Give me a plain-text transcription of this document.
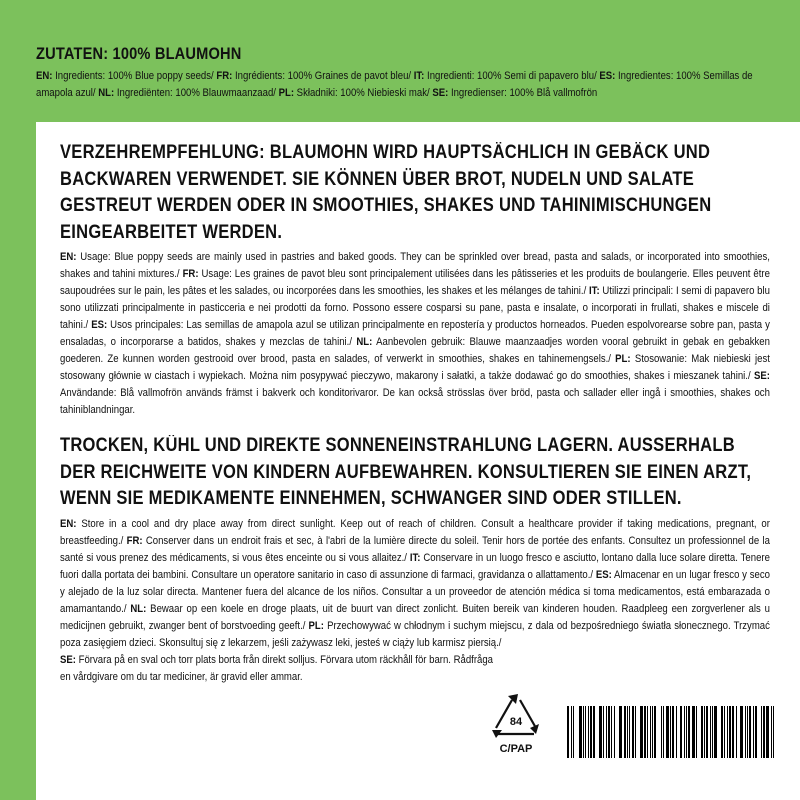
ZUTATEN: 100% BLAUMOHN
EN: Ingredients: 100% Blue poppy seeds/ FR: Ingrédients: 100% Graines de pavot bleu/ IT: Ingredienti: 100% Semi di papavero blu/ ES: Ingredientes: 100% Semillas de amapola azul/ NL: Ingrediënten: 100% Blauwmaanzaad/ PL: Składniki: 100% Niebieski mak/ SE: Ingredienser: 100% Blå vallmofrön
VERZEHREMPFEHLUNG: BLAUMOHN WIRD HAUPTSÄCHLICH IN GEBÄCK UND BACKWAREN VERWENDET. SIE KÖNNEN ÜBER BROT, NUDELN UND SALATE GESTREUT WERDEN ODER IN SMOOTHIES, SHAKES UND TAHINIMISCHUNGEN EINGEARBEITET WERDEN.
EN: Usage: Blue poppy seeds are mainly used in pastries and baked goods. They can be sprinkled over bread, pasta and salads, or incorporated into smoothies, shakes and tahini mixtures./ FR: Usage: Les graines de pavot bleu sont principalement utilisées dans les pâtisseries et les produits de boulangerie. Elles peuvent être saupoudrées sur le pain, les pâtes et les salades, ou incorporées dans les smoothies, les shakes et les mélanges de tahini./ IT: Utilizzi principali: I semi di papavero blu sono utilizzati principalmente in pasticceria e nei prodotti da forno. Possono essere cosparsi su pane, pasta e insalate, o incorporati in frullati, shakes e miscele di tahini./ ES: Usos principales: Las semillas de amapola azul se utilizan principalmente en repostería y productos horneados. Pueden espolvorearse sobre pan, pasta y ensaladas, o incorporarse a batidos, shakes y mezclas de tahini./ NL: Aanbevolen gebruik: Blauwe maanzaadjes worden vooral gebruikt in gebak en gebakken goederen. Ze kunnen worden gestrooid over brood, pasta en salades, of verwerkt in smoothies, shakes en tahinemengsels./ PL: Stosowanie: Mak niebieski jest stosowany głównie w ciastach i wypiekach. Można nim posypywać pieczywo, makarony i sałatki, a także dodawać go do smoothies, shakes i mieszanek tahini./ SE: Användande: Blå vallmofrön används främst i bakverk och konditorivaror. De kan också strösslas över bröd, pasta och sallader eller ingå i smoothies, shakes och tahiniblandningar.
TROCKEN, KÜHL UND DIREKTE SONNENEINSTRAHLUNG LAGERN. AUSSERHALB DER REICHWEITE VON KINDERN AUFBEWAHREN. KONSULTIEREN SIE EINEN ARZT, WENN SIE MEDIKAMENTE EINNEHMEN, SCHWANGER SIND ODER STILLEN.
EN: Store in a cool and dry place away from direct sunlight. Keep out of reach of children. Consult a healthcare provider if taking medications, pregnant, or breastfeeding./ FR: Conserver dans un endroit frais et sec, à l'abri de la lumière directe du soleil. Tenir hors de portée des enfants. Consultez un professionnel de la santé si vous prenez des médicaments, si vous êtes enceinte ou si vous allaitez./ IT: Conservare in un luogo fresco e asciutto, lontano dalla luce solare diretta. Tenere fuori dalla portata dei bambini. Consultare un operatore sanitario in caso di assunzione di farmaci, gravidanza o allattamento./ ES: Almacenar en un lugar fresco y seco y alejado de la luz solar directa. Mantener fuera del alcance de los niños. Consultar a un proveedor de atención médica si toma medicamentos, está embarazada o amamantando./ NL: Bewaar op een koele en droge plaats, uit de buurt van direct zonlicht. Buiten bereik van kinderen houden. Raadpleeg een zorgverlener als u medicijnen gebruikt, zwanger bent of borstvoeding geeft./ PL: Przechowywać w chłodnym i suchym miejscu, z dala od bezpośredniego światła słonecznego. Trzymać poza zasięgiem dzieci. Skonsultuj się z lekarzem, jeśli zażywasz leki, jesteś w ciąży lub karmisz piersią./
SE: Förvara på en sval och torr plats borta från direkt solljus. Förvara utom räckhåll för barn. Rådfråga en vårdgivare om du tar mediciner, är gravid eller ammar.
84
C/PAP
